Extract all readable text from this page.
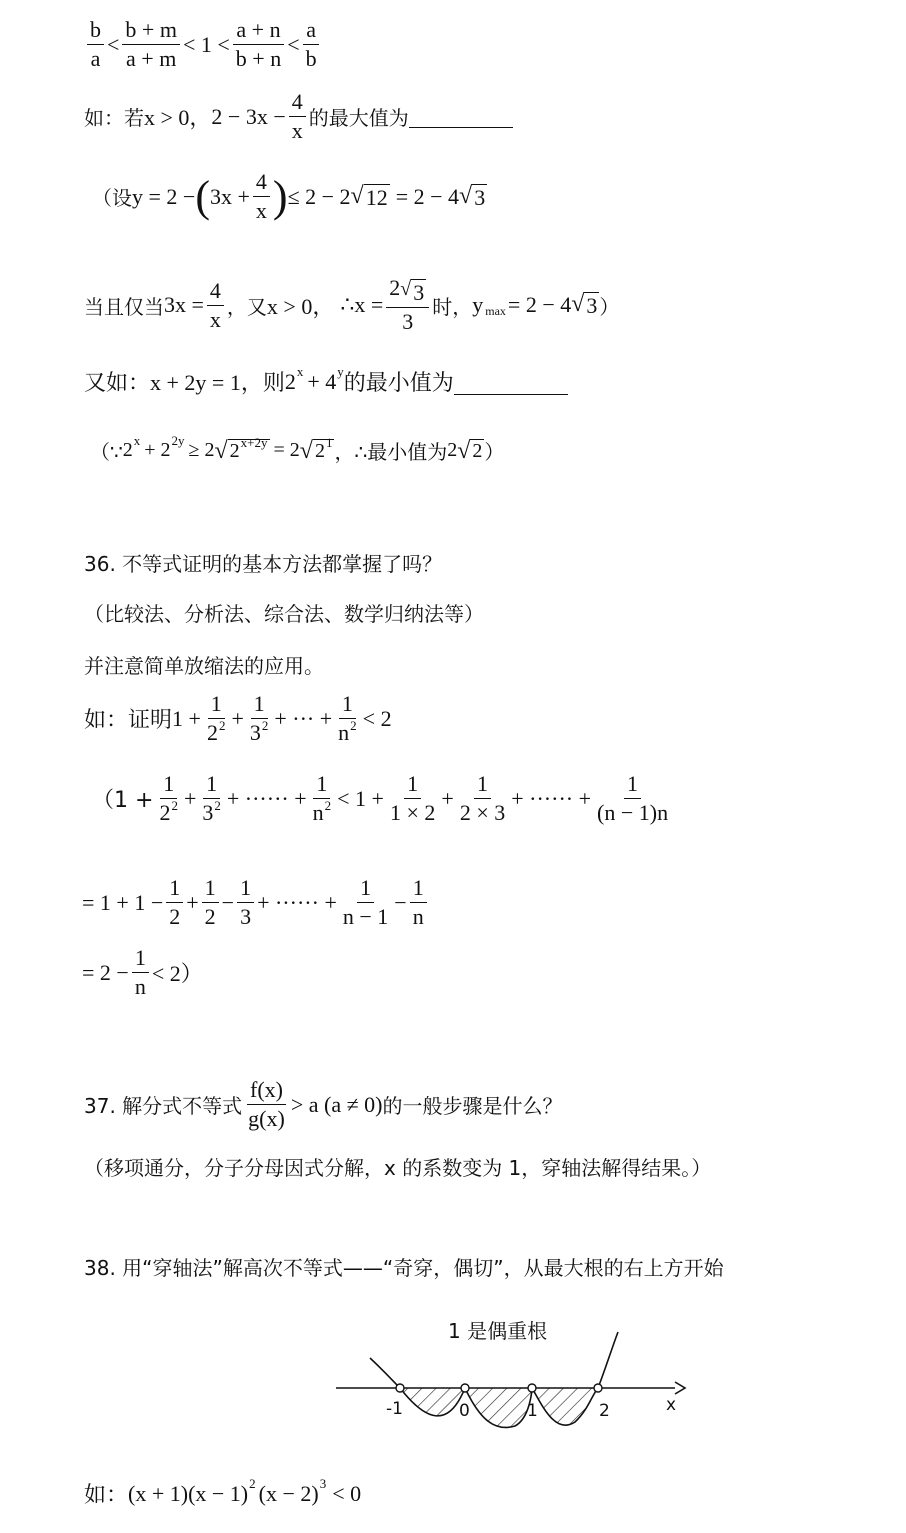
$\frac{b}{a} < \frac{b + m}{a + m} < 1 < \frac{a + n}{b + n} < \frac{a}{b}$
如：若 x > 0， $2 - 3x - \frac{4}{x}$ 的最大值为
（设 y = 2 − ( $3x + \frac{4}{x}$ ) ≤ 2 − 2 √ 12 = 2 − 4 √ 3
当且仅当 $3x = \frac{4}{x}$ ，又 x > 0， ∴ $x = \frac{2 √ 3}{3}$ 时， y max = 2 − 4 √ 3 ）
又如： x + 2y = 1， 则 2 x + 4 y 的最小值为
（∵ 2 x + 2 2y ≥ 2 √ $2^{x+2y} = 2$ √ $2^1$ ，∴最小值为 2 √ 2 ）
36. 不等式证明的基本方法都掌握了吗？
（比较法、分析法、综合法、数学归纳法等）
并注意简单放缩法的应用。
如：证明 $1 + \frac{1}{2^2} + \frac{1}{3^2}$ + ··· + $\frac{1}{n^2} < 2$
（$1 + \frac{1}{2^2} + \frac{1}{3^2}$ + ······ + $\frac{1}{n^2} < 1 + \frac{1}{1 \times 2} + \frac{1}{2 \times 3}$ + ······ + $\frac{1}{(n - 1)n}$
= $1 + 1 - \frac{1}{2} + \frac{1}{2} - \frac{1}{3}$ + ······ + $\frac{1}{n - 1} - \frac{1}{n}$
= $2 - \frac{1}{n} < 2$）
37. 解分式不等式 $\frac{f(x)}{g(x)} > a$ (a ≠ 0) 的一般步骤是什么？
（移项通分，分子分母因式分解，x 的系数变为 1，穿轴法解得结果。）
38. 用“穿轴法”解高次不等式——“奇穿，偶切”，从最大根的右上方开始
1 是偶重根
-1	0	1	2	x
如： (x + 1)(x − 1) 2 (x − 2) 3 < 0
